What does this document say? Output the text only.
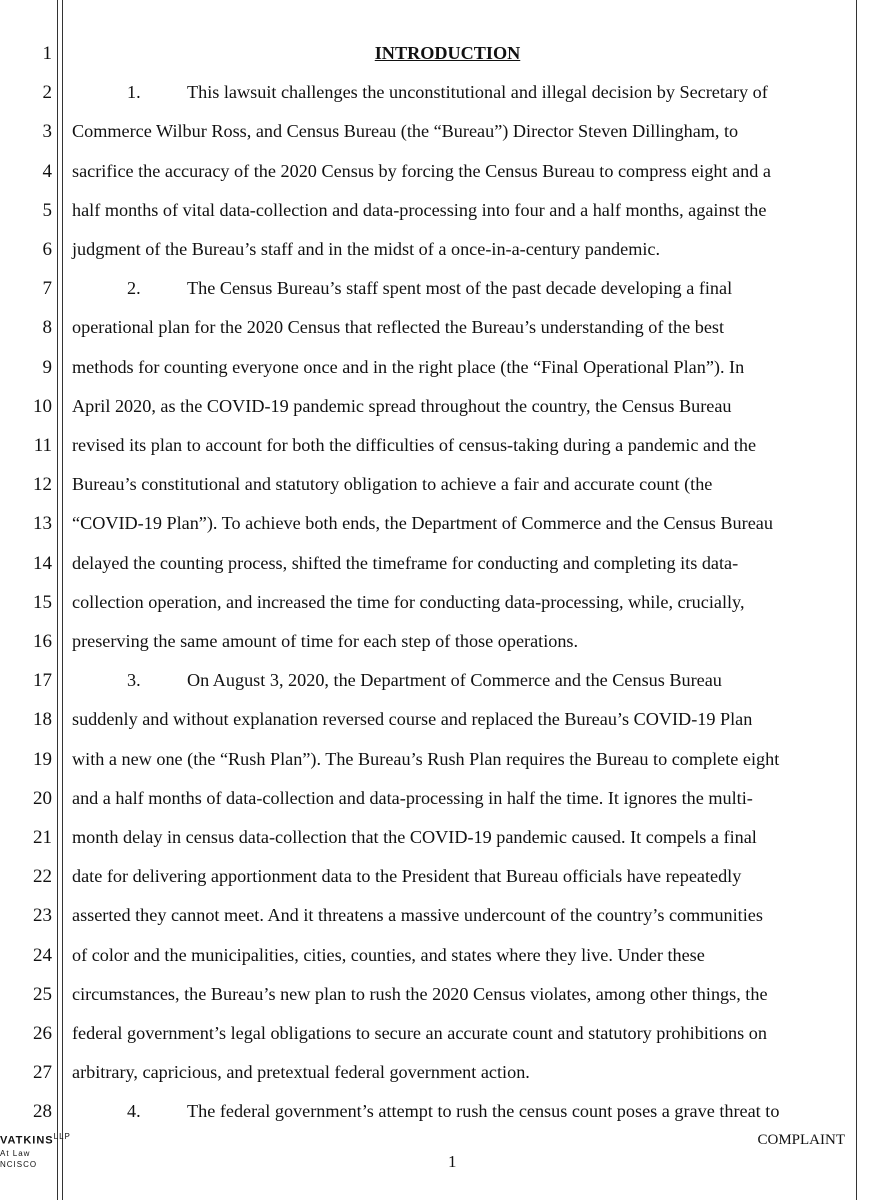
1
2
3
4
5
6
7
8
9
10
11
12
13
14
15
16
17
18
19
20
21
22
23
24
25
26
27
28
INTRODUCTION
1.	This lawsuit challenges the unconstitutional and illegal decision by Secretary of
Commerce Wilbur Ross, and Census Bureau (the “Bureau”) Director Steven Dillingham, to
sacrifice the accuracy of the 2020 Census by forcing the Census Bureau to compress eight and a
half months of vital data-collection and data-processing into four and a half months, against the
judgment of the Bureau’s staff and in the midst of a once-in-a-century pandemic.
2.	The Census Bureau’s staff spent most of the past decade developing a final
operational plan for the 2020 Census that reflected the Bureau’s understanding of the best
methods for counting everyone once and in the right place (the “Final Operational Plan”). In
April 2020, as the COVID-19 pandemic spread throughout the country, the Census Bureau
revised its plan to account for both the difficulties of census-taking during a pandemic and the
Bureau’s constitutional and statutory obligation to achieve a fair and accurate count (the
“COVID-19 Plan”). To achieve both ends, the Department of Commerce and the Census Bureau
delayed the counting process, shifted the timeframe for conducting and completing its data-
collection operation, and increased the time for conducting data-processing, while, crucially,
preserving the same amount of time for each step of those operations.
3.	On August 3, 2020, the Department of Commerce and the Census Bureau
suddenly and without explanation reversed course and replaced the Bureau’s COVID-19 Plan
with a new one (the “Rush Plan”). The Bureau’s Rush Plan requires the Bureau to complete eight
and a half months of data-collection and data-processing in half the time. It ignores the multi-
month delay in census data-collection that the COVID-19 pandemic caused. It compels a final
date for delivering apportionment data to the President that Bureau officials have repeatedly
asserted they cannot meet. And it threatens a massive undercount of the country’s communities
of color and the municipalities, cities, counties, and states where they live. Under these
circumstances, the Bureau’s new plan to rush the 2020 Census violates, among other things, the
federal government’s legal obligations to secure an accurate count and statutory prohibitions on
arbitrary, capricious, and pretextual federal government action.
4.	The federal government’s attempt to rush the census count poses a grave threat to
$VATKINS^{LLP}$
At Law
NCISCO
COMPLAINT
1
